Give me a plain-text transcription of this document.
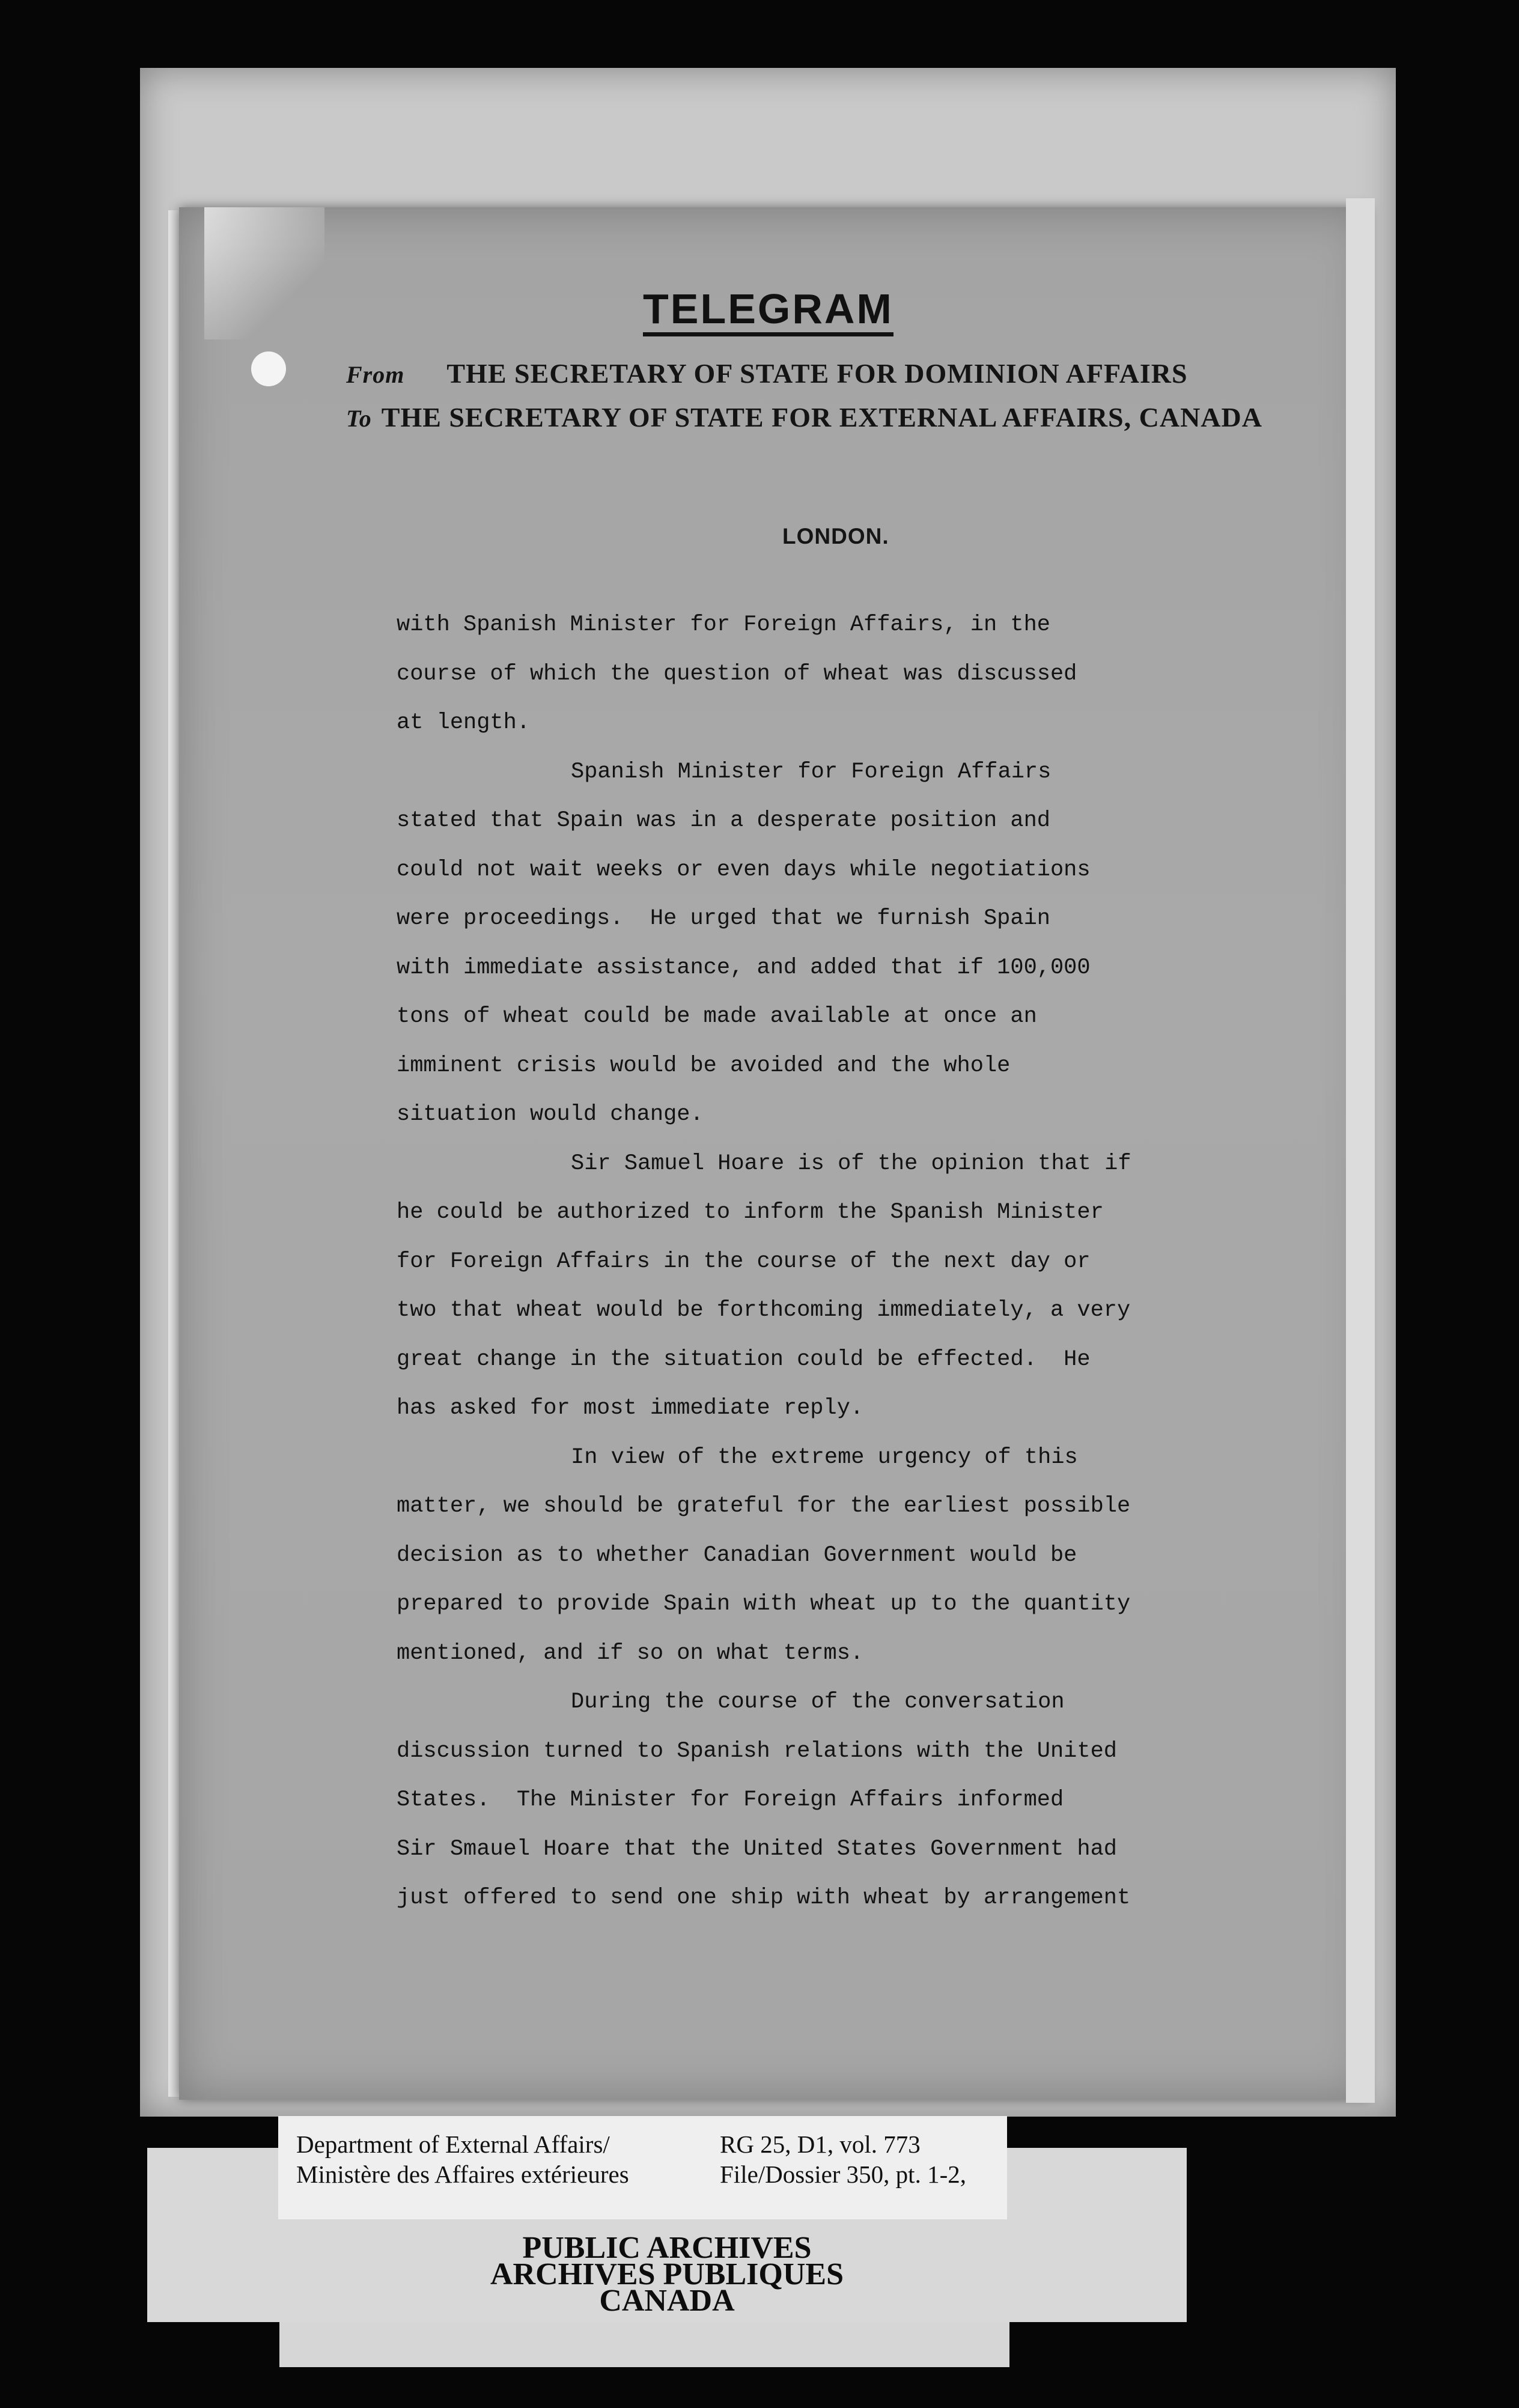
TELEGRAM
From THE SECRETARY OF STATE FOR DOMINION AFFAIRS
To THE SECRETARY OF STATE FOR EXTERNAL AFFAIRS, CANADA
LONDON.
with Spanish Minister for Foreign Affairs, in the
course of which the question of wheat was discussed
at length.
Spanish Minister for Foreign Affairs
stated that Spain was in a desperate position and
could not wait weeks or even days while negotiations
were proceedings.  He urged that we furnish Spain
with immediate assistance, and added that if 100,000
tons of wheat could be made available at once an
imminent crisis would be avoided and the whole
situation would change.
Sir Samuel Hoare is of the opinion that if
he could be authorized to inform the Spanish Minister
for Foreign Affairs in the course of the next day or
two that wheat would be forthcoming immediately, a very
great change in the situation could be effected.  He
has asked for most immediate reply.
In view of the extreme urgency of this
matter, we should be grateful for the earliest possible
decision as to whether Canadian Government would be
prepared to provide Spain with wheat up to the quantity
mentioned, and if so on what terms.
During the course of the conversation
discussion turned to Spanish relations with the United
States.  The Minister for Foreign Affairs informed
Sir Smauel Hoare that the United States Government had
just offered to send one ship with wheat by arrangement
PUBLIC ARCHIVES
ARCHIVES PUBLIQUES
CANADA
Department of External Affairs/
Ministère des Affaires extérieures
RG 25, D1, vol. 773
File/Dossier 350, pt. 1-2,
